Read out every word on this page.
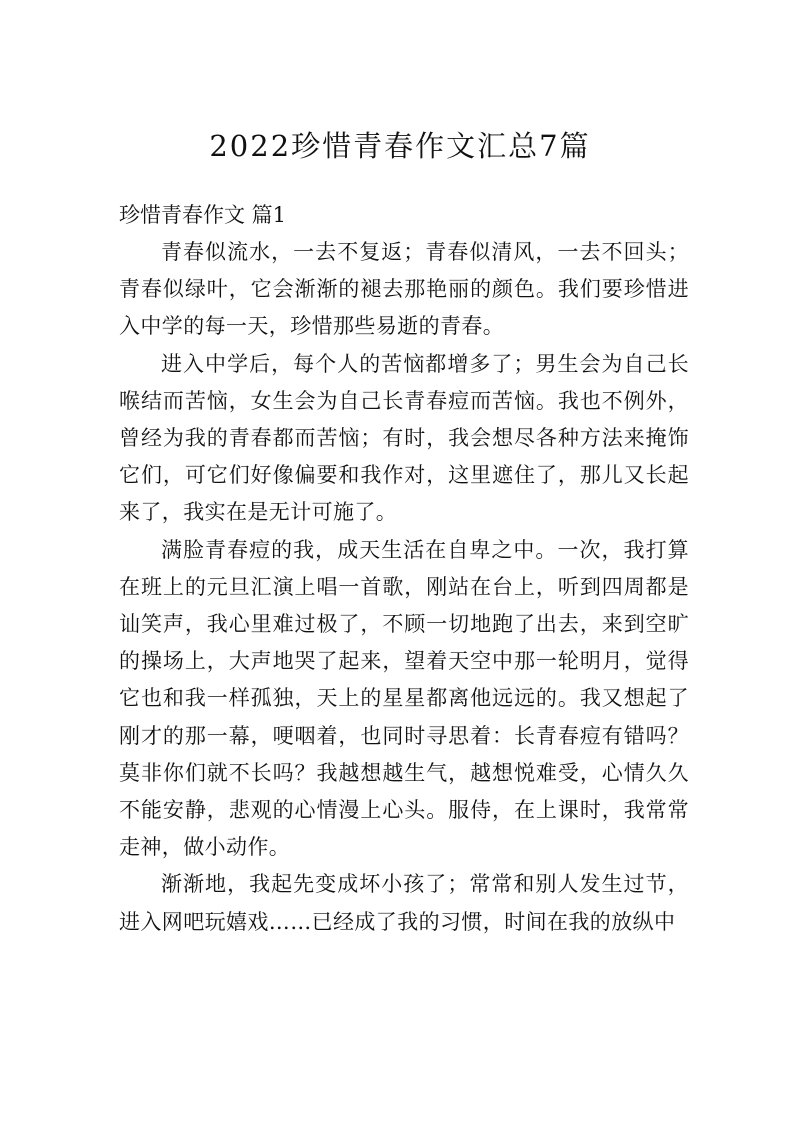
2022珍惜青春作文汇总7篇
珍惜青春作文 篇1

青春似流水，一去不复返；青春似清风，一去不回头；青春似绿叶，它会渐渐的褪去那艳丽的颜色。我们要珍惜进入中学的每一天，珍惜那些易逝的青春。

进入中学后，每个人的苦恼都增多了；男生会为自己长喉结而苦恼，女生会为自己长青春痘而苦恼。我也不例外，曾经为我的青春都而苦恼；有时，我会想尽各种方法来掩饰它们，可它们好像偏要和我作对，这里遮住了，那儿又长起来了，我实在是无计可施了。

满脸青春痘的我，成天生活在自卑之中。一次，我打算在班上的元旦汇演上唱一首歌，刚站在台上，听到四周都是讪笑声，我心里难过极了，不顾一切地跑了出去，来到空旷的操场上，大声地哭了起来，望着天空中那一轮明月，觉得它也和我一样孤独，天上的星星都离他远远的。我又想起了刚才的那一幕，哽咽着，也同时寻思着：长青春痘有错吗？莫非你们就不长吗？我越想越生气，越想悦难受，心情久久不能安静，悲观的心情漫上心头。服侍，在上课时，我常常走神，做小动作。

渐渐地，我起先变成坏小孩了；常常和别人发生过节，进入网吧玩嬉戏……已经成了我的习惯，时间在我的放纵中
